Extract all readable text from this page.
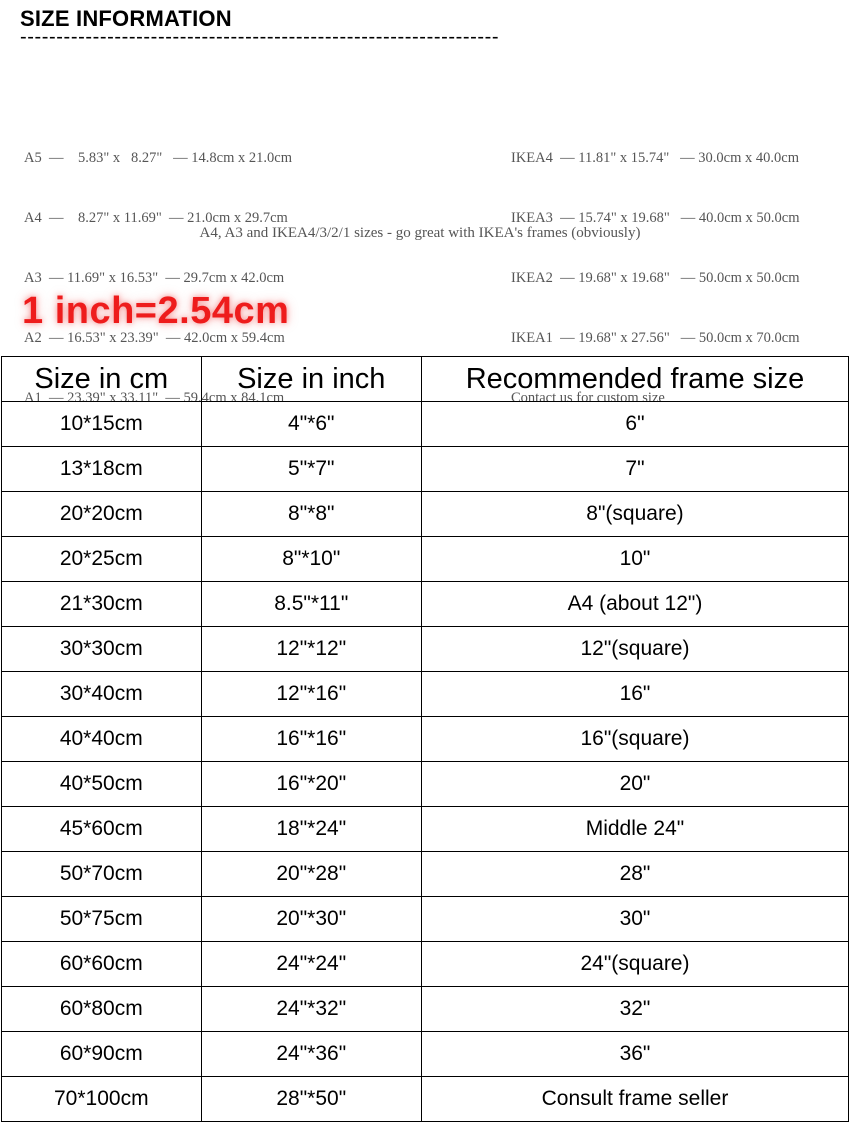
SIZE INFORMATION
------------------------------------------------------------------

A5  —    5.83" x   8.27"   — 14.8cm x 21.0cm

A4  —    8.27" x 11.69"  — 21.0cm x 29.7cm

A3  — 11.69" x 16.53"  — 29.7cm x 42.0cm

A2  — 16.53" x 23.39"  — 42.0cm x 59.4cm

A1  — 23.39" x 33.11"  — 59.4cm x 84.1cm

IKEA4  — 11.81" x 15.74"   — 30.0cm x 40.0cm

IKEA3  — 15.74" x 19.68"   — 40.0cm x 50.0cm

IKEA2  — 19.68" x 19.68"   — 50.0cm x 50.0cm

IKEA1  — 19.68" x 27.56"   — 50.0cm x 70.0cm

Contact us for custom size

A4, A3 and IKEA4/3/2/1 sizes - go great with IKEA's frames (obviously)
1 inch=2.54cm
Size in cm	Size in inch	Recommended frame size
10*15cm	4"*6"	6"
13*18cm	5"*7"	7"
20*20cm	8"*8"	8"(square)
20*25cm	8"*10"	10"
21*30cm	8.5"*11"	A4 (about 12")
30*30cm	12"*12"	12"(square)
30*40cm	12"*16"	16"
40*40cm	16"*16"	16"(square)
40*50cm	16"*20"	20"
45*60cm	18"*24"	Middle 24"
50*70cm	20"*28"	28"
50*75cm	20"*30"	30"
60*60cm	24"*24"	24"(square)
60*80cm	24"*32"	32"
60*90cm	24"*36"	36"
70*100cm	28"*50"	Consult frame seller
